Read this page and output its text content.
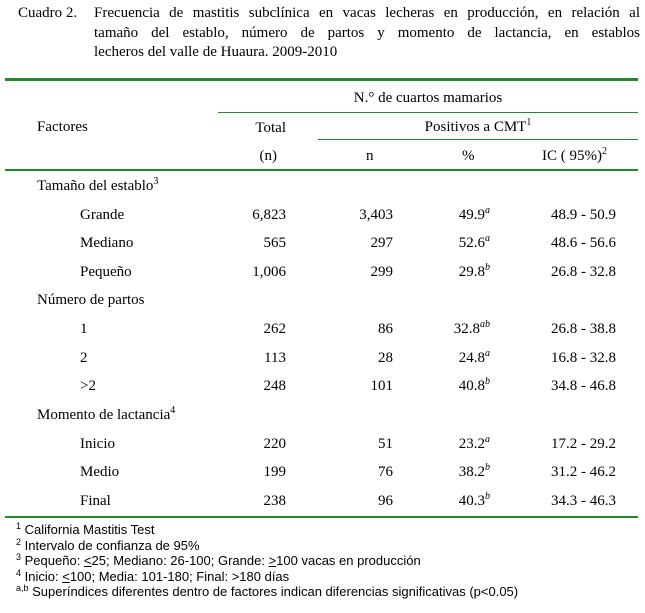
Cuadro 2. Frecuencia de mastitis subclínica en vacas lecheras en producción, en relación al
tamaño del establo, número de partos y momento de lactancia, en establos
lecheros del valle de Huaura. 2009-2010
Factores
N.° de cuartos mamarios
Total
(n)
Positivos a CMT$^1$
n	%	IC ( 95%)$^2$
Tamaño del establo$^3$
Grande	6,823	3,403	49.9$^a$	48.9 - 50.9
Mediano	565	297	52.6$^a$	48.6 - 56.6
Pequeño	1,006	299	29.8$^b$	26.8 - 32.8
Número de partos
1	262	86	32.8$^{ab}$	26.8 - 38.8
2	113	28	24.8$^a$	16.8 - 32.8
>2	248	101	40.8$^b$	34.8 - 46.8
Momento de lactancia$^4$
Inicio	220	51	23.2$^a$	17.2 - 29.2
Medio	199	76	38.2$^b$	31.2 - 46.2
Final	238	96	40.3$^b$	34.3 - 46.3
$^1$ California Mastitis Test
$^2$ Intervalo de confianza de 95%
$^3$ Pequeño: <25; Mediano: 26-100; Grande: >100 vacas en producción
$^4$ Inicio: <100; Media: 101-180; Final: >180 días
$^{a,b}$ Superíndices diferentes dentro de factores indican diferencias significativas (p<0.05)
